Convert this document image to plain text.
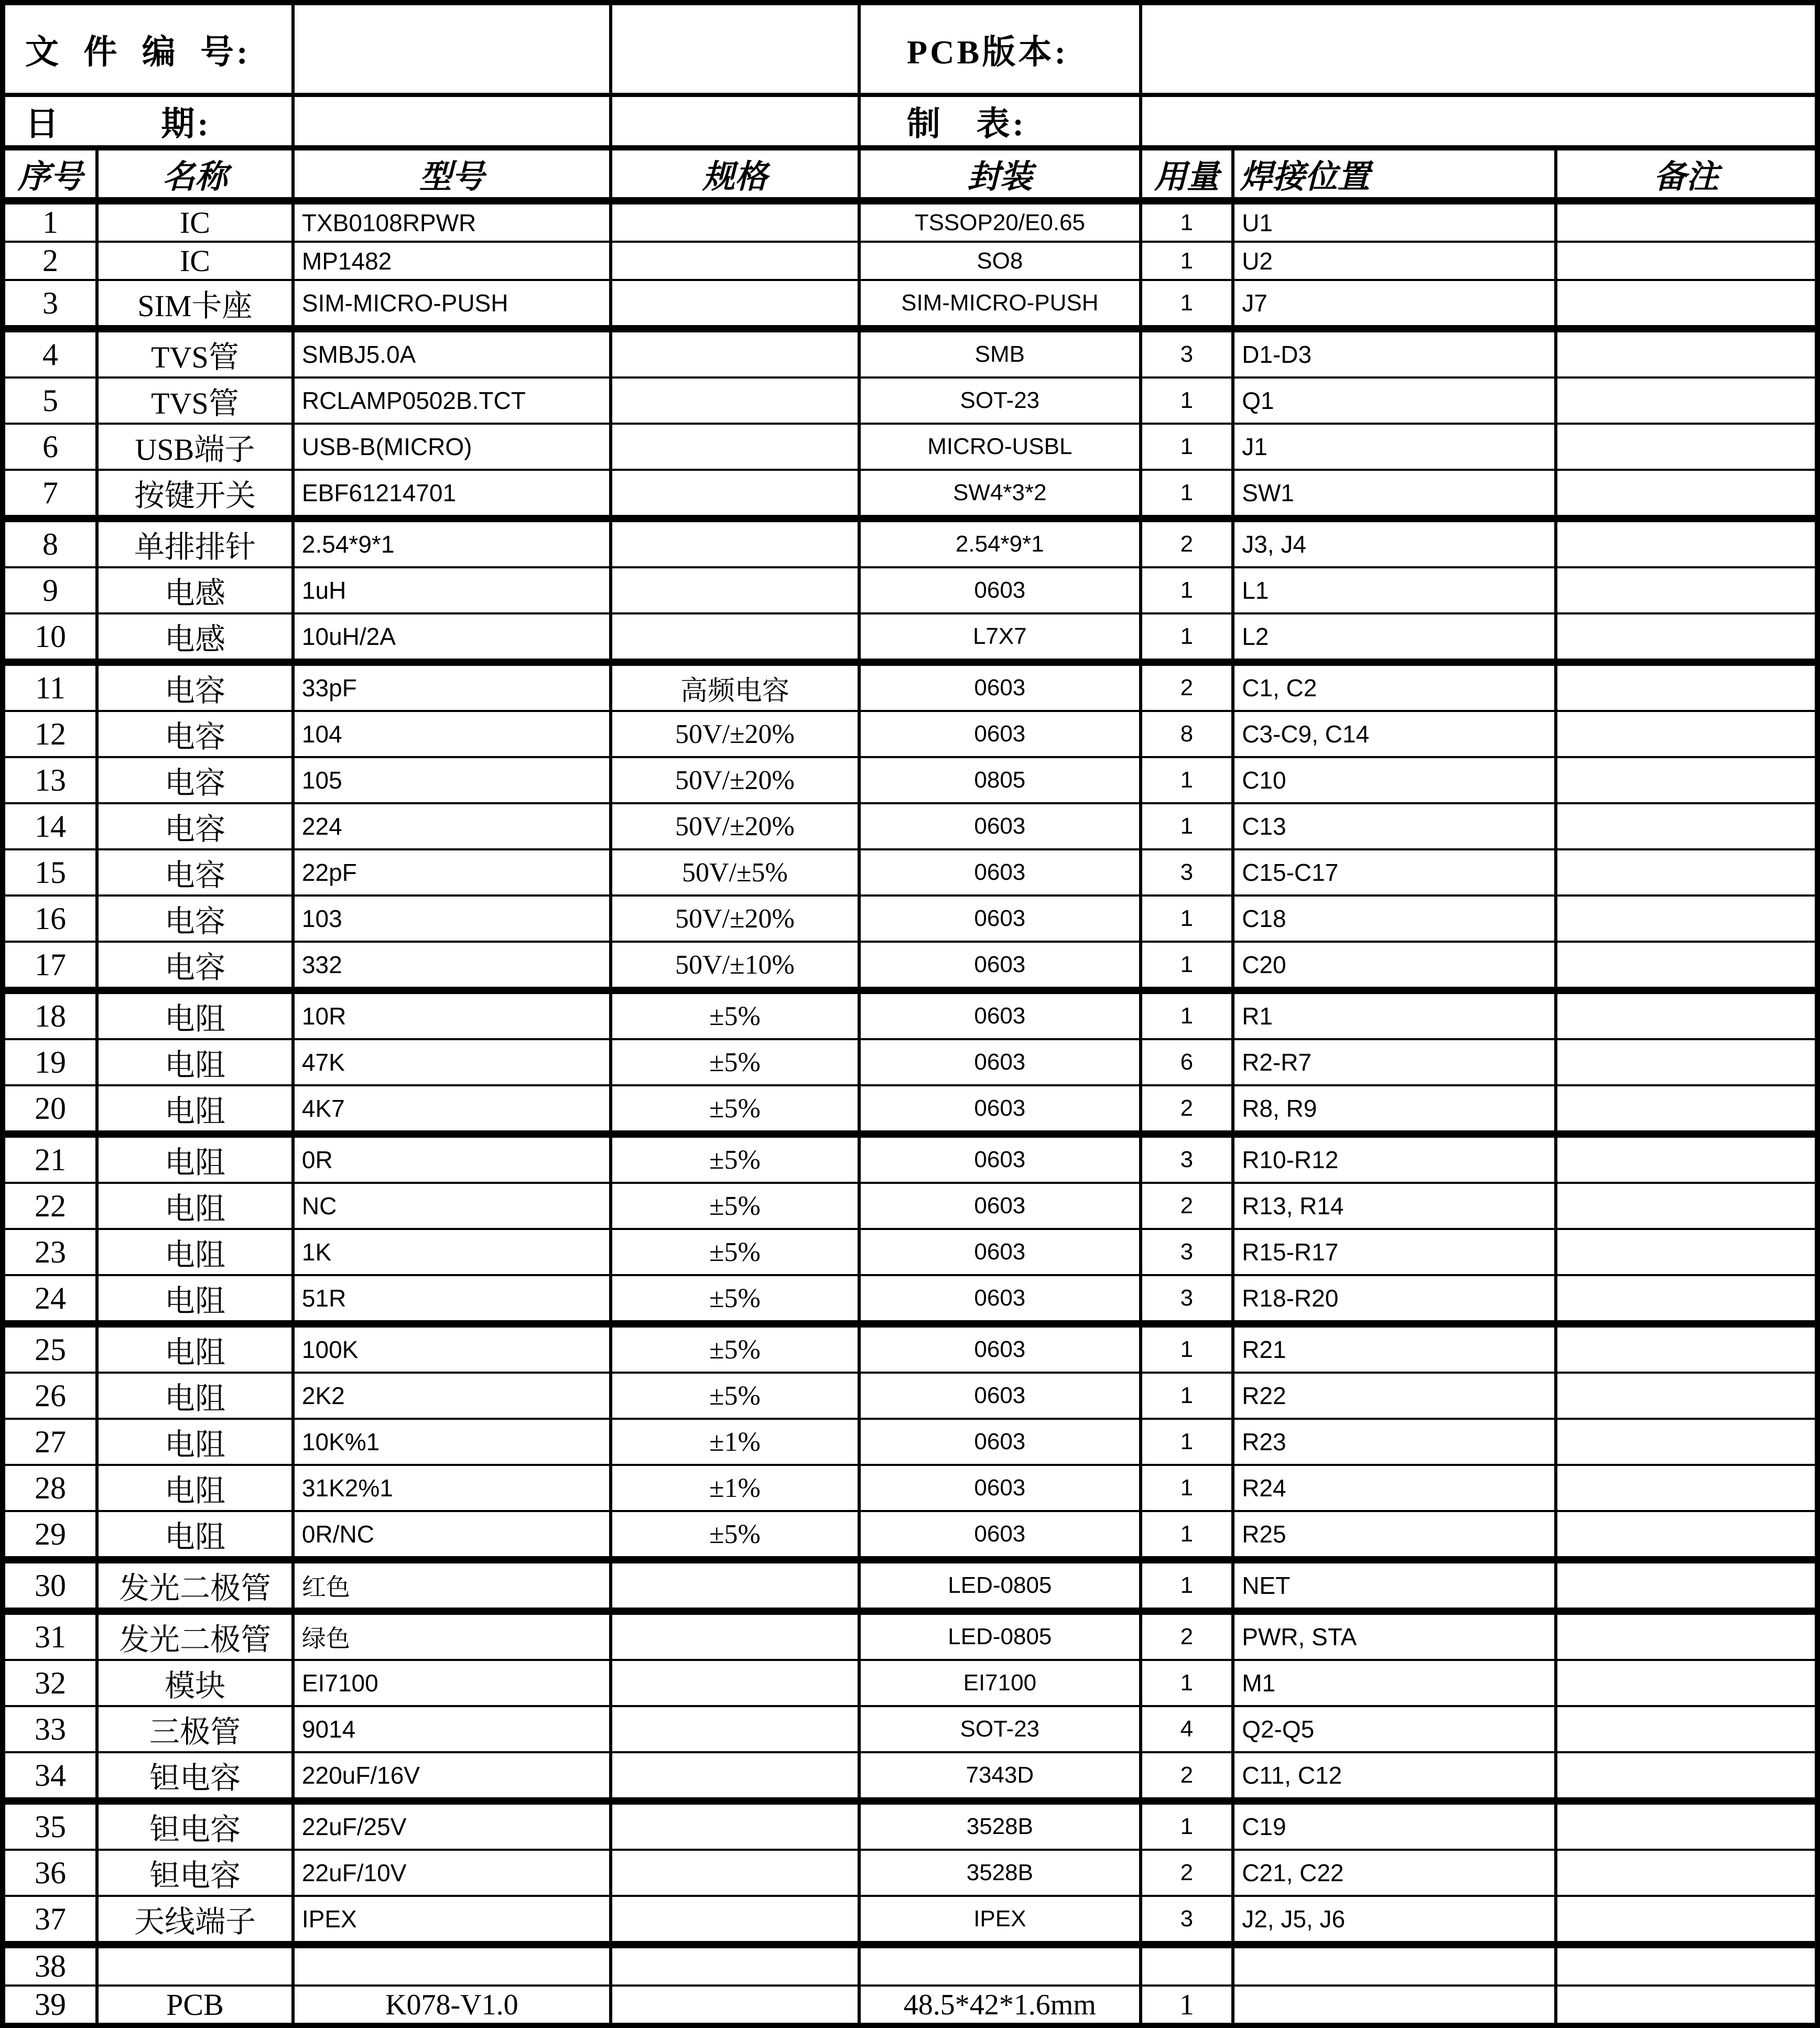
文  件  编  号:				PCB版本:			
日         期:				制   表:			
序号	名称	型号	规格	封装	用量	焊接位置	备注
1	IC	TXB0108RPWR		TSSOP20/E0.65	1	U1	
2	IC	MP1482		SO8	1	U2	
3	SIM卡座	SIM-MICRO-PUSH		SIM-MICRO-PUSH	1	J7	
4	TVS管	SMBJ5.0A		SMB	3	D1-D3	
5	TVS管	RCLAMP0502B.TCT		SOT-23	1	Q1	
6	USB端子	USB-B(MICRO)		MICRO-USBL	1	J1	
7	按键开关	EBF61214701		SW4*3*2	1	SW1	
8	单排排针	2.54*9*1		2.54*9*1	2	J3, J4	
9	电感	1uH		0603	1	L1	
10	电感	10uH/2A		L7X7	1	L2	
11	电容	33pF	高频电容	0603	2	C1, C2	
12	电容	104	50V/±20%	0603	8	C3-C9, C14	
13	电容	105	50V/±20%	0805	1	C10	
14	电容	224	50V/±20%	0603	1	C13	
15	电容	22pF	50V/±5%	0603	3	C15-C17	
16	电容	103	50V/±20%	0603	1	C18	
17	电容	332	50V/±10%	0603	1	C20	
18	电阻	10R	±5%	0603	1	R1	
19	电阻	47K	±5%	0603	6	R2-R7	
20	电阻	4K7	±5%	0603	2	R8, R9	
21	电阻	0R	±5%	0603	3	R10-R12	
22	电阻	NC	±5%	0603	2	R13, R14	
23	电阻	1K	±5%	0603	3	R15-R17	
24	电阻	51R	±5%	0603	3	R18-R20	
25	电阻	100K	±5%	0603	1	R21	
26	电阻	2K2	±5%	0603	1	R22	
27	电阻	10K%1	±1%	0603	1	R23	
28	电阻	31K2%1	±1%	0603	1	R24	
29	电阻	0R/NC	±5%	0603	1	R25	
30	发光二极管	红色		LED-0805	1	NET	
31	发光二极管	绿色		LED-0805	2	PWR, STA	
32	模块	EI7100		EI7100	1	M1	
33	三极管	9014		SOT-23	4	Q2-Q5	
34	钽电容	220uF/16V		7343D	2	C11, C12	
35	钽电容	22uF/25V		3528B	1	C19	
36	钽电容	22uF/10V		3528B	2	C21, C22	
37	天线端子	IPEX		IPEX	3	J2, J5, J6	
38							
39	PCB	K078-V1.0		48.5*42*1.6mm	1		
